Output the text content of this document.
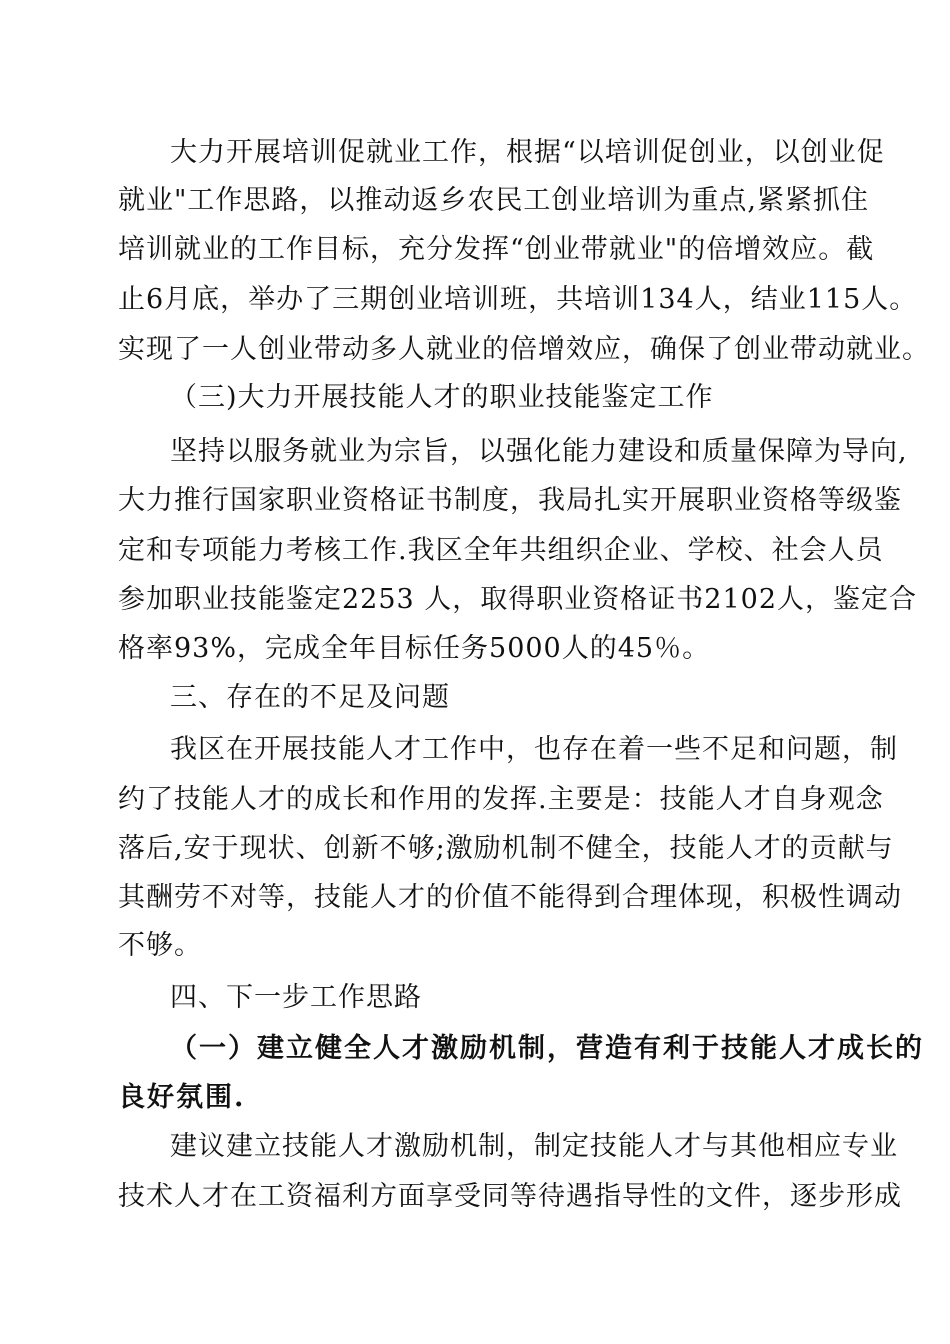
大力开展培训促就业工作，根据“以培训促创业，以创业促
就业"工作思路，以推动返乡农民工创业培训为重点,紧紧抓住
培训就业的工作目标，充分发挥“创业带就业"的倍增效应。截
止6月底，举办了三期创业培训班，共培训134人，结业115人。
实现了一人创业带动多人就业的倍增效应，确保了创业带动就业。
（三)大力开展技能人才的职业技能鉴定工作
坚持以服务就业为宗旨，以强化能力建设和质量保障为导向,
大力推行国家职业资格证书制度，我局扎实开展职业资格等级鉴
定和专项能力考核工作.我区全年共组织企业、学校、社会人员
参加职业技能鉴定2253 人，取得职业资格证书2102人，鉴定合
格率93%，完成全年目标任务5000人的45％。
三、存在的不足及问题
我区在开展技能人才工作中，也存在着一些不足和问题，制
约了技能人才的成长和作用的发挥.主要是：技能人才自身观念
落后,安于现状、创新不够;激励机制不健全，技能人才的贡献与
其酬劳不对等，技能人才的价值不能得到合理体现，积极性调动
不够。
四、下一步工作思路
（一）建立健全人才激励机制，营造有利于技能人才成长的
良好氛围.
建议建立技能人才激励机制，制定技能人才与其他相应专业
技术人才在工资福利方面享受同等待遇指导性的文件，逐步形成
